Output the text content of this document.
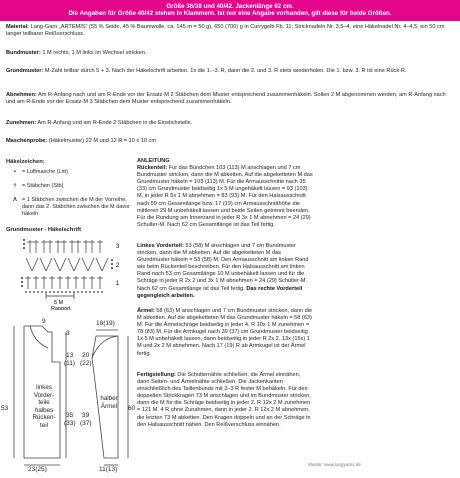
Größe 36/38 und 40/42. Jackenlänge 62 cm.
Die Angaben für Größe 40/42 stehen in Klammern. Ist nur eine Angabe vorhanden, gilt diese für beide Größen.
Material: Lang-Garn „ARTEMIS" (55 % Seide, 45 % Baumwolle, ca. 145 m = 50 g), 650 (700) g in Currygelb Fb. 11; Stricknadeln Nr. 3,5–4, eine Häkelnadel Nr. 4–4,5, ein 50 cm langer teilbarer Reißverschluss.
Bundmuster: 1 M rechts, 1 M links im Wechsel stricken.
Grundmuster: M-Zahl teilbar durch 5 + 3. Nach der Häkelschrift arbeiten. 1x die 1.–3. R, dann die 2. und 3. R stets wiederholen. Die 1. bzw. 3. R ist eine Rück-R.
Abnehmen: Am R-Anfang nach und am R-Ende vor der Ersatz-M 2 Stäbchen dem Muster entsprechend zusammenhäkeln. Sollen 2 M abgenommen werden, am R-Anfang nach und am R-Ende vor der Ersatz-M 3 Stäbchen dem Muster entsprechend zusammenhäkeln.
Zunehmen: Am R-Anfang und am R-Ende 2 Stäbchen in die Einstichstelle.
Maschenprobe: (Häkelmuster) 22 M und 12 R = 10 x 10 cm
Häkelzeichen:
•	= Luftmasche (Lm)
† = Stäbchen (Stb)
Λ = 1 Stäbchen zwischen die M der Vorreihe, dann das 2. Stäbchen zwischen die M davor häkeln
Grundmuster - Häkelschrift
3
2
1
5 M
Rapport
9
3
20
(22)
13
(11)
53
39
(37)
35
(33)
23(25)
18(19)
60
11(13)
linkes
Vorder-
teile
halbes
Rücken-
teil
halber
Ärmel
ANLEITUNG
Rückenteil: Für das Bündchen 103 (113) M anschlagen und 7 cm Bundmuster stricken, dann die M abketten. Auf die abgeketteten M das Grundmuster häkeln = 103 (113) M. Für die Armausschnitte nach 35 (33) cm Grundmuster beidseitig 1x 5 M ungehäkelt lassen = 93 (103) M, in jeder R 5x 1 M abnehmen = 83 (93) M. Für den Halsausschnitt nach 59 cm Gesamtlänge bzw. 17 (19) cm Armausschnitthöhe die mittleren 29 M unbehäkelt lassen und beide Seiten getrennt beenden. Für die Rundung am Innenrand in jeder R 3x 1 M abnehmen = 24 (29) Schulter-M. Nach 62 cm Gesamtlänge ist das Teil fertig.
Linkes Vorderteil: 53 (58) M anschlagen und 7 cm Bundmuster stricken, dann die M abketten. Auf die abgeketteten M das Grundmuster häkeln = 53 (58) M. Den Armausschnitt am linken Rand wie beim Rückenteil beschreiben. Für den Halsausschnitt am linken Rand nach 53 cm Gesamtlänge 10 M unbehäkelt lassen und für die Schräge in jeder R 2x 2 und 3x 1 M abnehmen = 24 (29) Schulter-M. Nach 62 cm Gesamtlänge ist das Teil fertig. Das rechte Vorderteil gegengleich arbeiten.
Ärmel: 58 (63) M anschlagen und 7 cm Bundmuster stricken, dann die M abketten. Auf die abgeketteten M das Grundmuster häkeln = 58 (63) M. Für die Ärmelschräge beidseitig in jeder 4. R 10x 1 M zunehmen = 78 (83) M. Für die Armkugel nach 39 (37) cm Grundmuster beidseitig 1x 5 M unbehäkelt lassen, dann beidseitig in jeder R 2x 2, 13x (15x) 1 M und 2x 2 M abnehmen. Nach 17 (19) R ab Armkugel ist der Ärmel fertig.
Fertigstellung: Die Schulternähte schließen, die Ärmel einnähen, dann Seiten- und Ärmelnähte schließen. Die Jackenkanten einschließlich des Taillenbunds mit 2–3 R fester M behäkeln. Für den doppelten Strickkragen 73 M anschlagen und im Bundmuster stricken, dann die M für die Schräge beidseitig in jeder 2. R 12x 2 M zunehmen = 121 M. 4 R ohne Zunahmen, dann in jeder 2. R 12x 2 M abnehmen, die letzten 73 M abketten. Den Kragen doppeln und an der Schräge in den Halsausschnitt nähen. Den Reißverschluss einnähen.
Muster: www.langyarns.de
